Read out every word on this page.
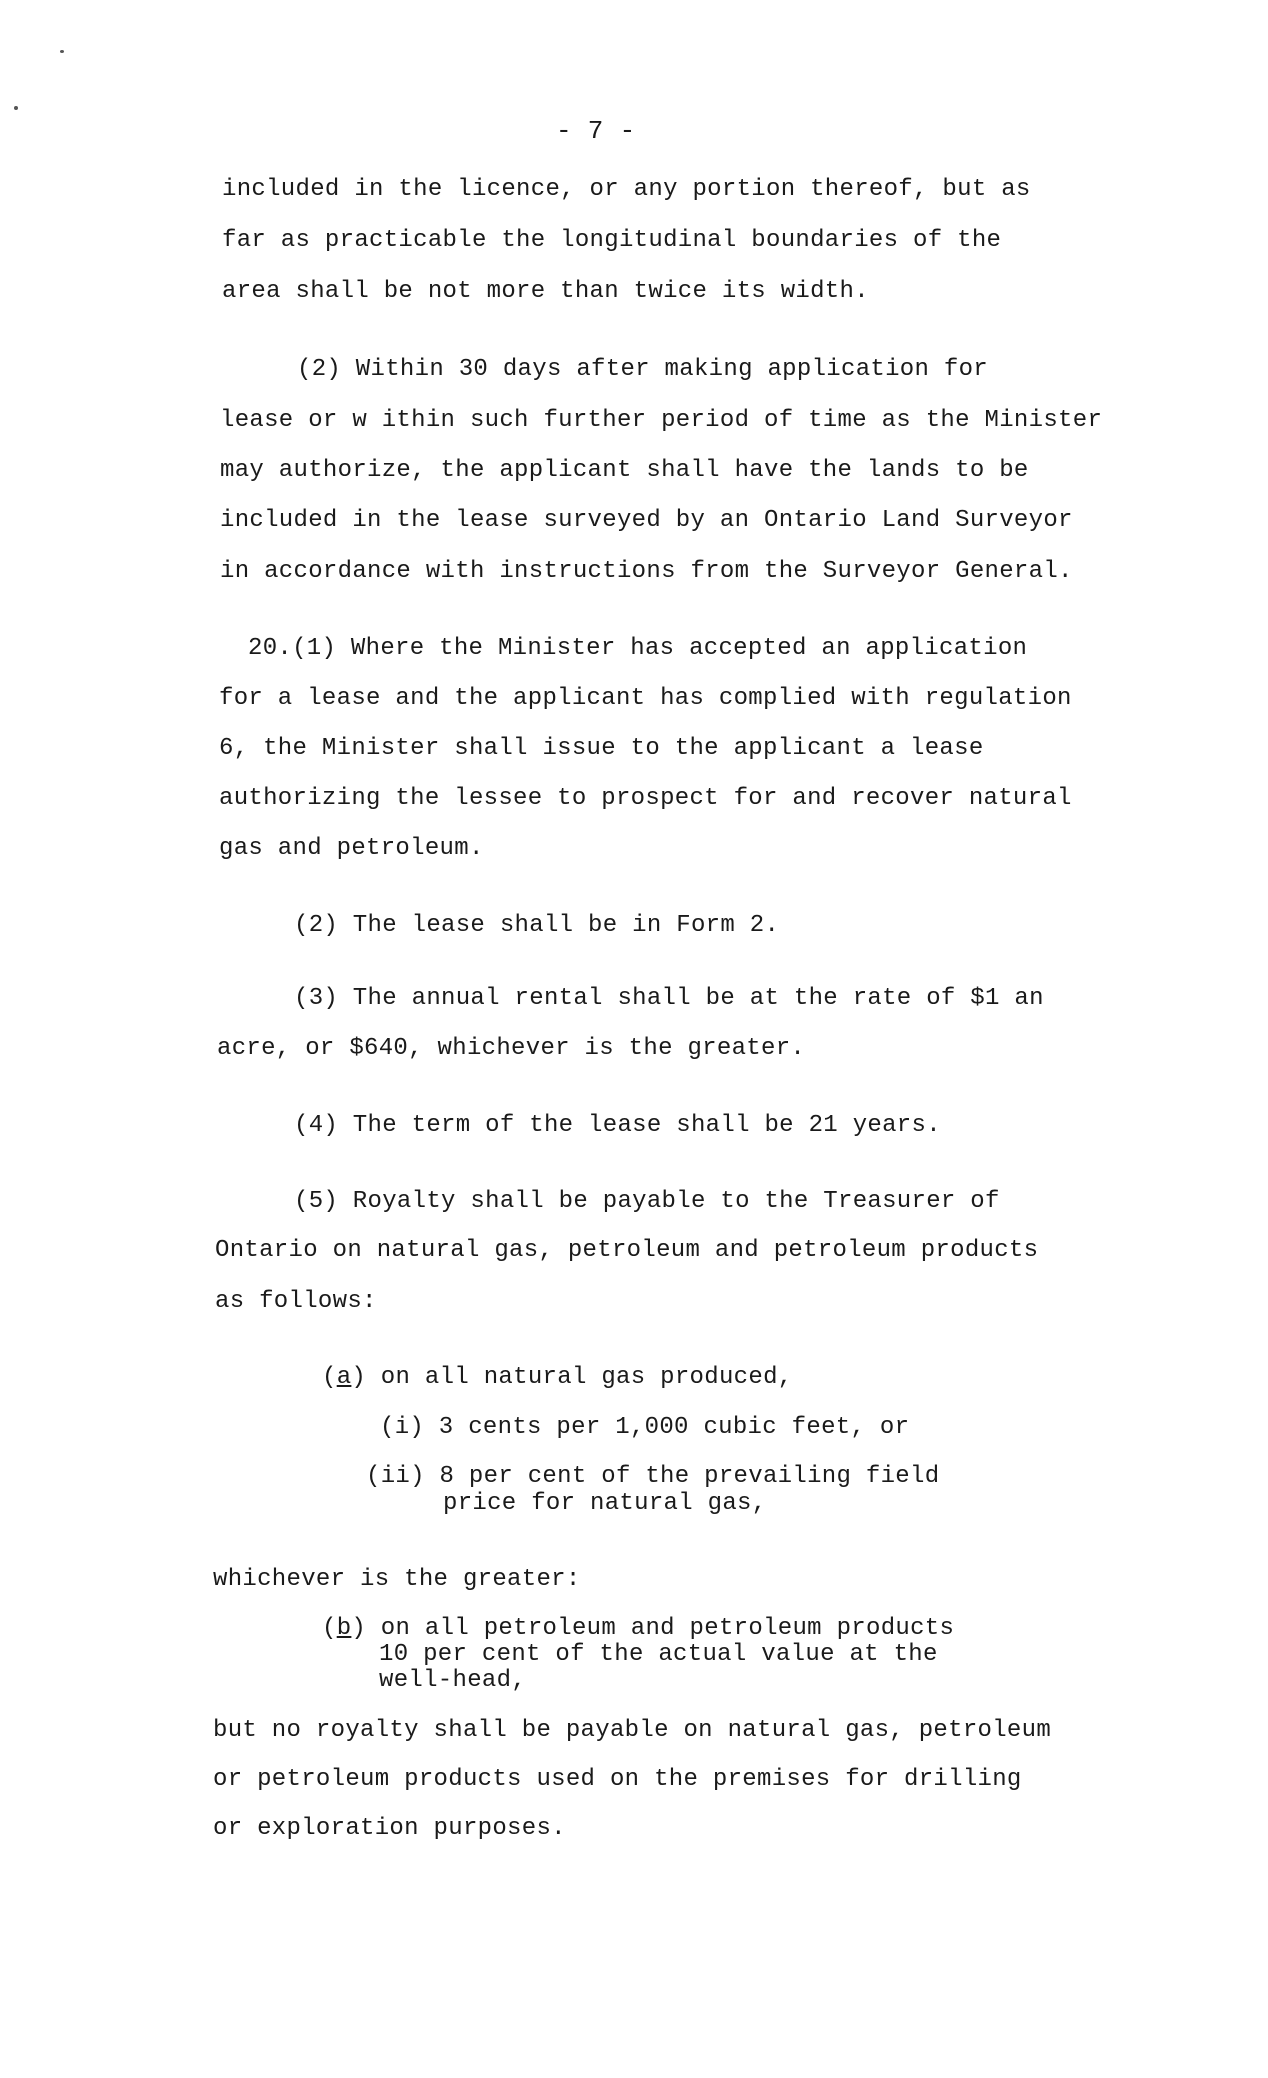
- 7 -
included in the licence, or any portion thereof, but as
far as practicable the longitudinal boundaries of the
area shall be not more than twice its width.
(2) Within 30 days after making application for
lease or w ithin such further period of time as the Minister
may authorize, the applicant shall have the lands to be
included in the lease surveyed by an Ontario Land Surveyor
in accordance with instructions from the Surveyor General.
20.(1) Where the Minister has accepted an application
for a lease and the applicant has complied with regulation
6, the Minister shall issue to the applicant a lease
authorizing the lessee to prospect for and recover natural
gas and petroleum.
(2) The lease shall be in Form 2.
(3) The annual rental shall be at the rate of $1 an
acre, or $640, whichever is the greater.
(4) The term of the lease shall be 21 years.
(5) Royalty shall be payable to the Treasurer of
Ontario on natural gas, petroleum and petroleum products
as follows:
(a) on all natural gas produced,
(i) 3 cents per 1,000 cubic feet, or
(ii) 8 per cent of the prevailing field
price for natural gas,
whichever is the greater:
(b) on all petroleum and petroleum products
10 per cent of the actual value at the
well-head,
but no royalty shall be payable on natural gas, petroleum
or petroleum products used on the premises for drilling
or exploration purposes.
